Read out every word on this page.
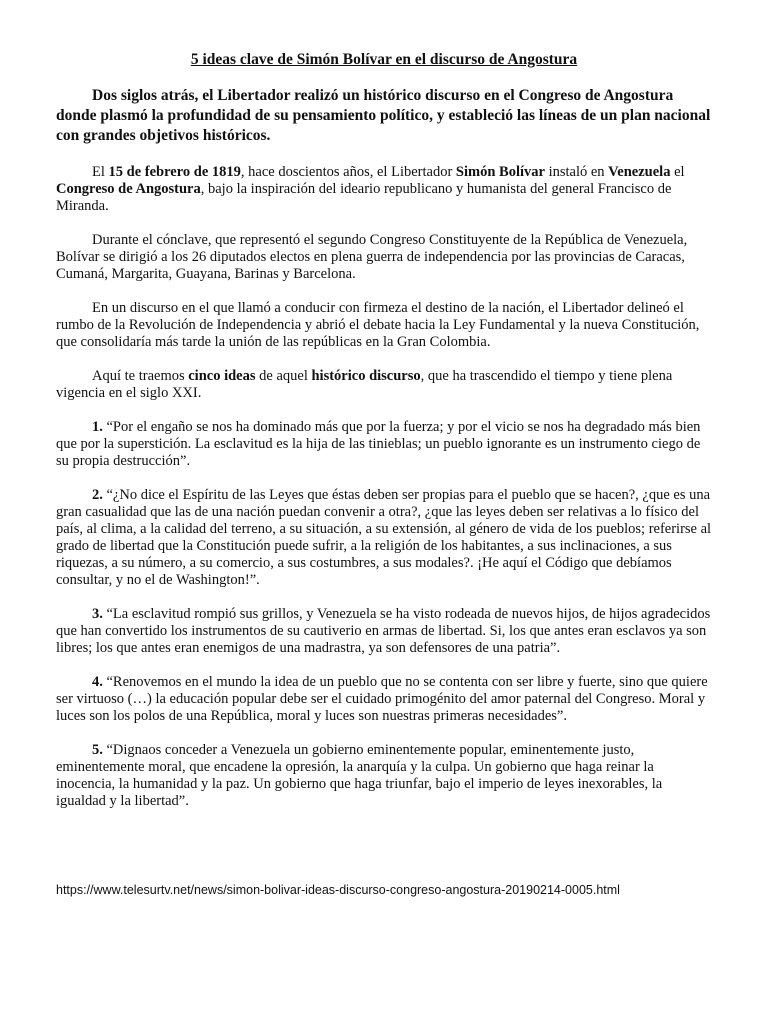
5 ideas clave de Simón Bolívar en el discurso de Angostura

Dos siglos atrás, el Libertador realizó un histórico discurso en el Congreso de Angostura donde plasmó la profundidad de su pensamiento político, y estableció las líneas de un plan nacional con grandes objetivos históricos.

El 15 de febrero de 1819, hace doscientos años, el Libertador Simón Bolívar instaló en Venezuela el Congreso de Angostura, bajo la inspiración del ideario republicano y humanista del general Francisco de Miranda.

Durante el cónclave, que representó el segundo Congreso Constituyente de la República de Venezuela, Bolívar se dirigió a los 26 diputados electos en plena guerra de independencia por las provincias de Caracas, Cumaná, Margarita, Guayana, Barinas y Barcelona.

En un discurso en el que llamó a conducir con firmeza el destino de la nación, el Libertador delineó el rumbo de la Revolución de Independencia y abrió el debate hacia la Ley Fundamental y la nueva Constitución, que consolidaría más tarde la unión de las repúblicas en la Gran Colombia.

Aquí te traemos cinco ideas de aquel histórico discurso, que ha trascendido el tiempo y tiene plena vigencia en el siglo XXI.

1. “Por el engaño se nos ha dominado más que por la fuerza; y por el vicio se nos ha degradado más bien que por la superstición. La esclavitud es la hija de las tinieblas; un pueblo ignorante es un instrumento ciego de su propia destrucción”.

2. “¿No dice el Espíritu de las Leyes que éstas deben ser propias para el pueblo que se hacen?, ¿que es una gran casualidad que las de una nación puedan convenir a otra?, ¿que las leyes deben ser relativas a lo físico del país, al clima, a la calidad del terreno, a su situación, a su extensión, al género de vida de los pueblos; referirse al grado de libertad que la Constitución puede sufrir, a la religión de los habitantes, a sus inclinaciones, a sus riquezas, a su número, a su comercio, a sus costumbres, a sus modales?. ¡He aquí el Código que debíamos consultar, y no el de Washington!”.

3. “La esclavitud rompió sus grillos, y Venezuela se ha visto rodeada de nuevos hijos, de hijos agradecidos que han convertido los instrumentos de su cautiverio en armas de libertad. Si, los que antes eran esclavos ya son libres; los que antes eran enemigos de una madrastra, ya son defensores de una patria”.

4. “Renovemos en el mundo la idea de un pueblo que no se contenta con ser libre y fuerte, sino que quiere ser virtuoso (…) la educación popular debe ser el cuidado primogénito del amor paternal del Congreso. Moral y luces son los polos de una República, moral y luces son nuestras primeras necesidades”.

5. “Dignaos conceder a Venezuela un gobierno eminentemente popular, eminentemente justo, eminentemente moral, que encadene la opresión, la anarquía y la culpa. Un gobierno que haga reinar la inocencia, la humanidad y la paz. Un gobierno que haga triunfar, bajo el imperio de leyes inexorables, la igualdad y la libertad”.

https://www.telesurtv.net/news/simon-bolivar-ideas-discurso-congreso-angostura-20190214-0005.html
